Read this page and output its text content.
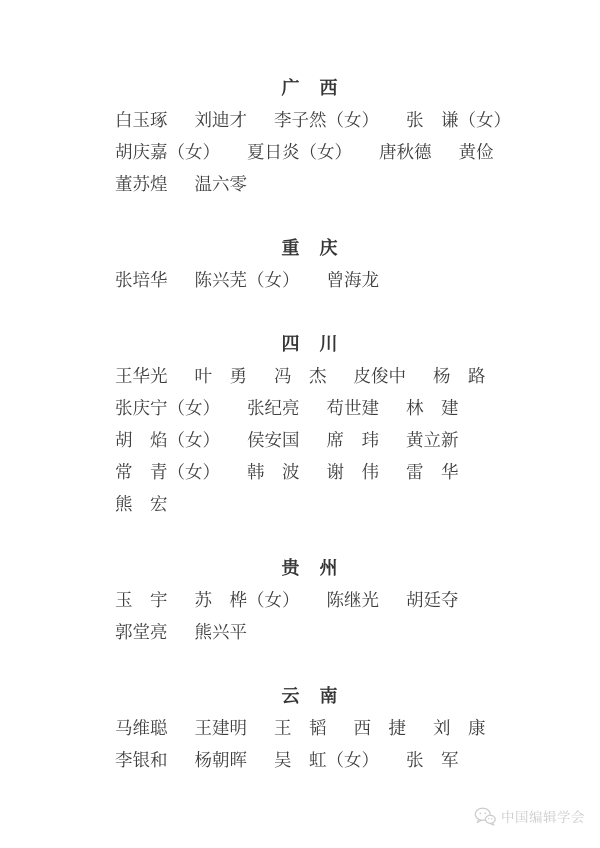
广　西
白玉琢 刘迪才 李子然（女） 张　谦（女）
胡庆嘉（女） 夏日炎（女） 唐秋德 黄俭
董苏煌 温六零
重　庆
张培华 陈兴芜（女） 曾海龙
四　川
王华光 叶　勇 冯　杰 皮俊中 杨　路
张庆宁（女） 张纪亮 苟世建 林　建
胡　焰（女） 侯安国 席　玮 黄立新
常　青（女） 韩　波 谢　伟 雷　华
熊　宏
贵　州
玉　宇 苏　桦（女） 陈继光 胡廷夺
郭堂亮 熊兴平
云　南
马维聪 王建明 王　韬 西　捷 刘　康
李银和 杨朝晖 吴　虹（女） 张　军
中国编辑学会
